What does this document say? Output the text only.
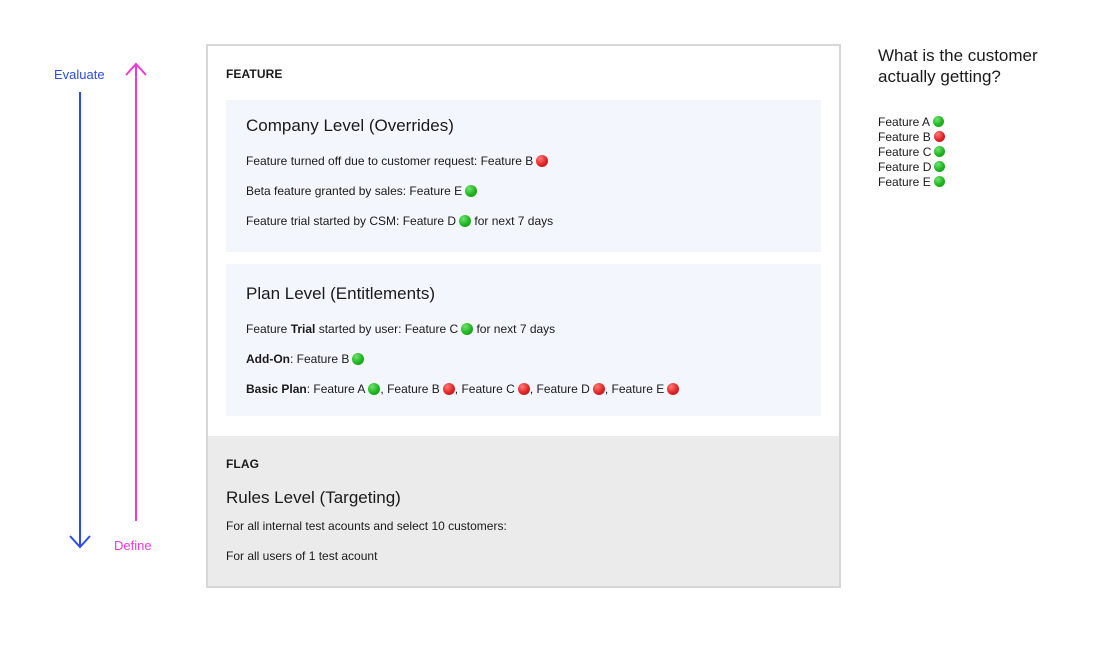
Evaluate
Define
FEATURE
Company Level (Overrides)
Feature turned off due to customer request: Feature B
Beta feature granted by sales: Feature E
Feature trial started by CSM: Feature D for next 7 days
Plan Level (Entitlements)
Feature Trial started by user: Feature C for next 7 days
Add-On: Feature B
Basic Plan: Feature A , Feature B , Feature C , Feature D , Feature E
FLAG
Rules Level (Targeting)
For all internal test acounts and select 10 customers:
For all users of 1 test acount
What is the customer actually getting?
Feature A
Feature B
Feature C
Feature D
Feature E
